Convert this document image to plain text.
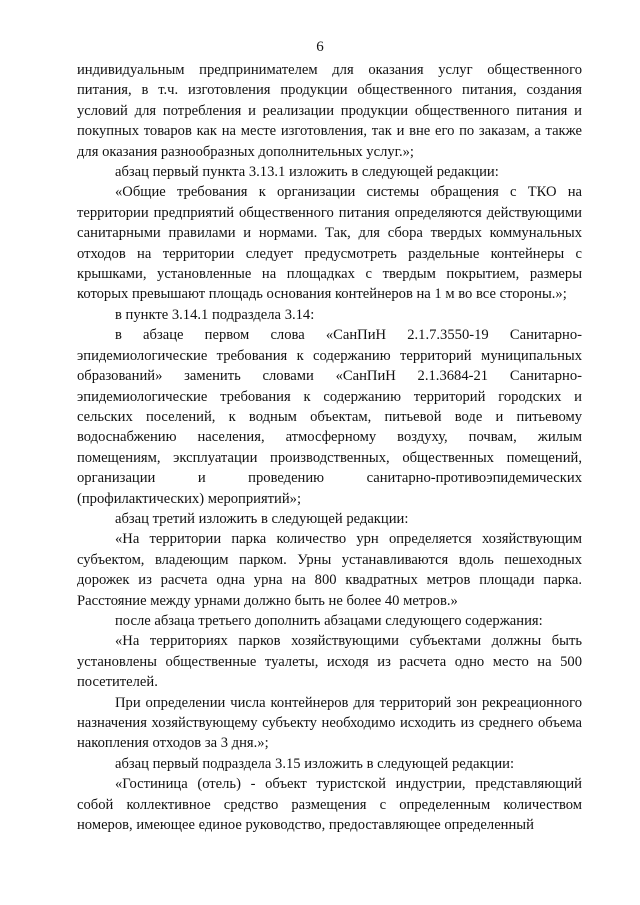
6

индивидуальным предпринимателем для оказания услуг общественного питания, в т.ч. изготовления продукции общественного питания, создания условий для потребления и реализации продукции общественного питания и покупных товаров как на месте изготовления, так и вне его по заказам, а также для оказания разнообразных дополнительных услуг.»;

абзац первый пункта 3.13.1 изложить в следующей редакции:

«Общие требования к организации системы обращения с ТКО на территории предприятий общественного питания определяются действующими санитарными правилами и нормами. Так, для сбора твердых коммунальных отходов на территории следует предусмотреть раздельные контейнеры с крышками, установленные на площадках с твердым покрытием, размеры которых превышают площадь основания контейнеров на 1 м во все стороны.»;

в пункте 3.14.1 подраздела 3.14:

в абзаце первом слова «СанПиН 2.1.7.3550-19 Санитарно-эпидемиологические требования к содержанию территорий муниципальных образований» заменить словами «СанПиН 2.1.3684-21 Санитарно-эпидемиологические требования к содержанию территорий городских и сельских поселений, к водным объектам, питьевой воде и питьевому водоснабжению населения, атмосферному воздуху, почвам, жилым помещениям, эксплуатации производственных, общественных помещений, организации и проведению санитарно-противоэпидемических (профилактических) мероприятий»;

абзац третий изложить в следующей редакции:

«На территории парка количество урн определяется хозяйствующим субъектом, владеющим парком. Урны устанавливаются вдоль пешеходных дорожек из расчета одна урна на 800 квадратных метров площади парка. Расстояние между урнами должно быть не более 40 метров.»

после абзаца третьего дополнить абзацами следующего содержания:

«На территориях парков хозяйствующими субъектами должны быть установлены общественные туалеты, исходя из расчета одно место на 500 посетителей.

При определении числа контейнеров для территорий зон рекреационного назначения хозяйствующему субъекту необходимо исходить из среднего объема накопления отходов за 3 дня.»;

абзац первый подраздела 3.15 изложить в следующей редакции:

«Гостиница (отель) - объект туристской индустрии, представляющий собой коллективное средство размещения с определенным количеством номеров, имеющее единое руководство, предоставляющее определенный
